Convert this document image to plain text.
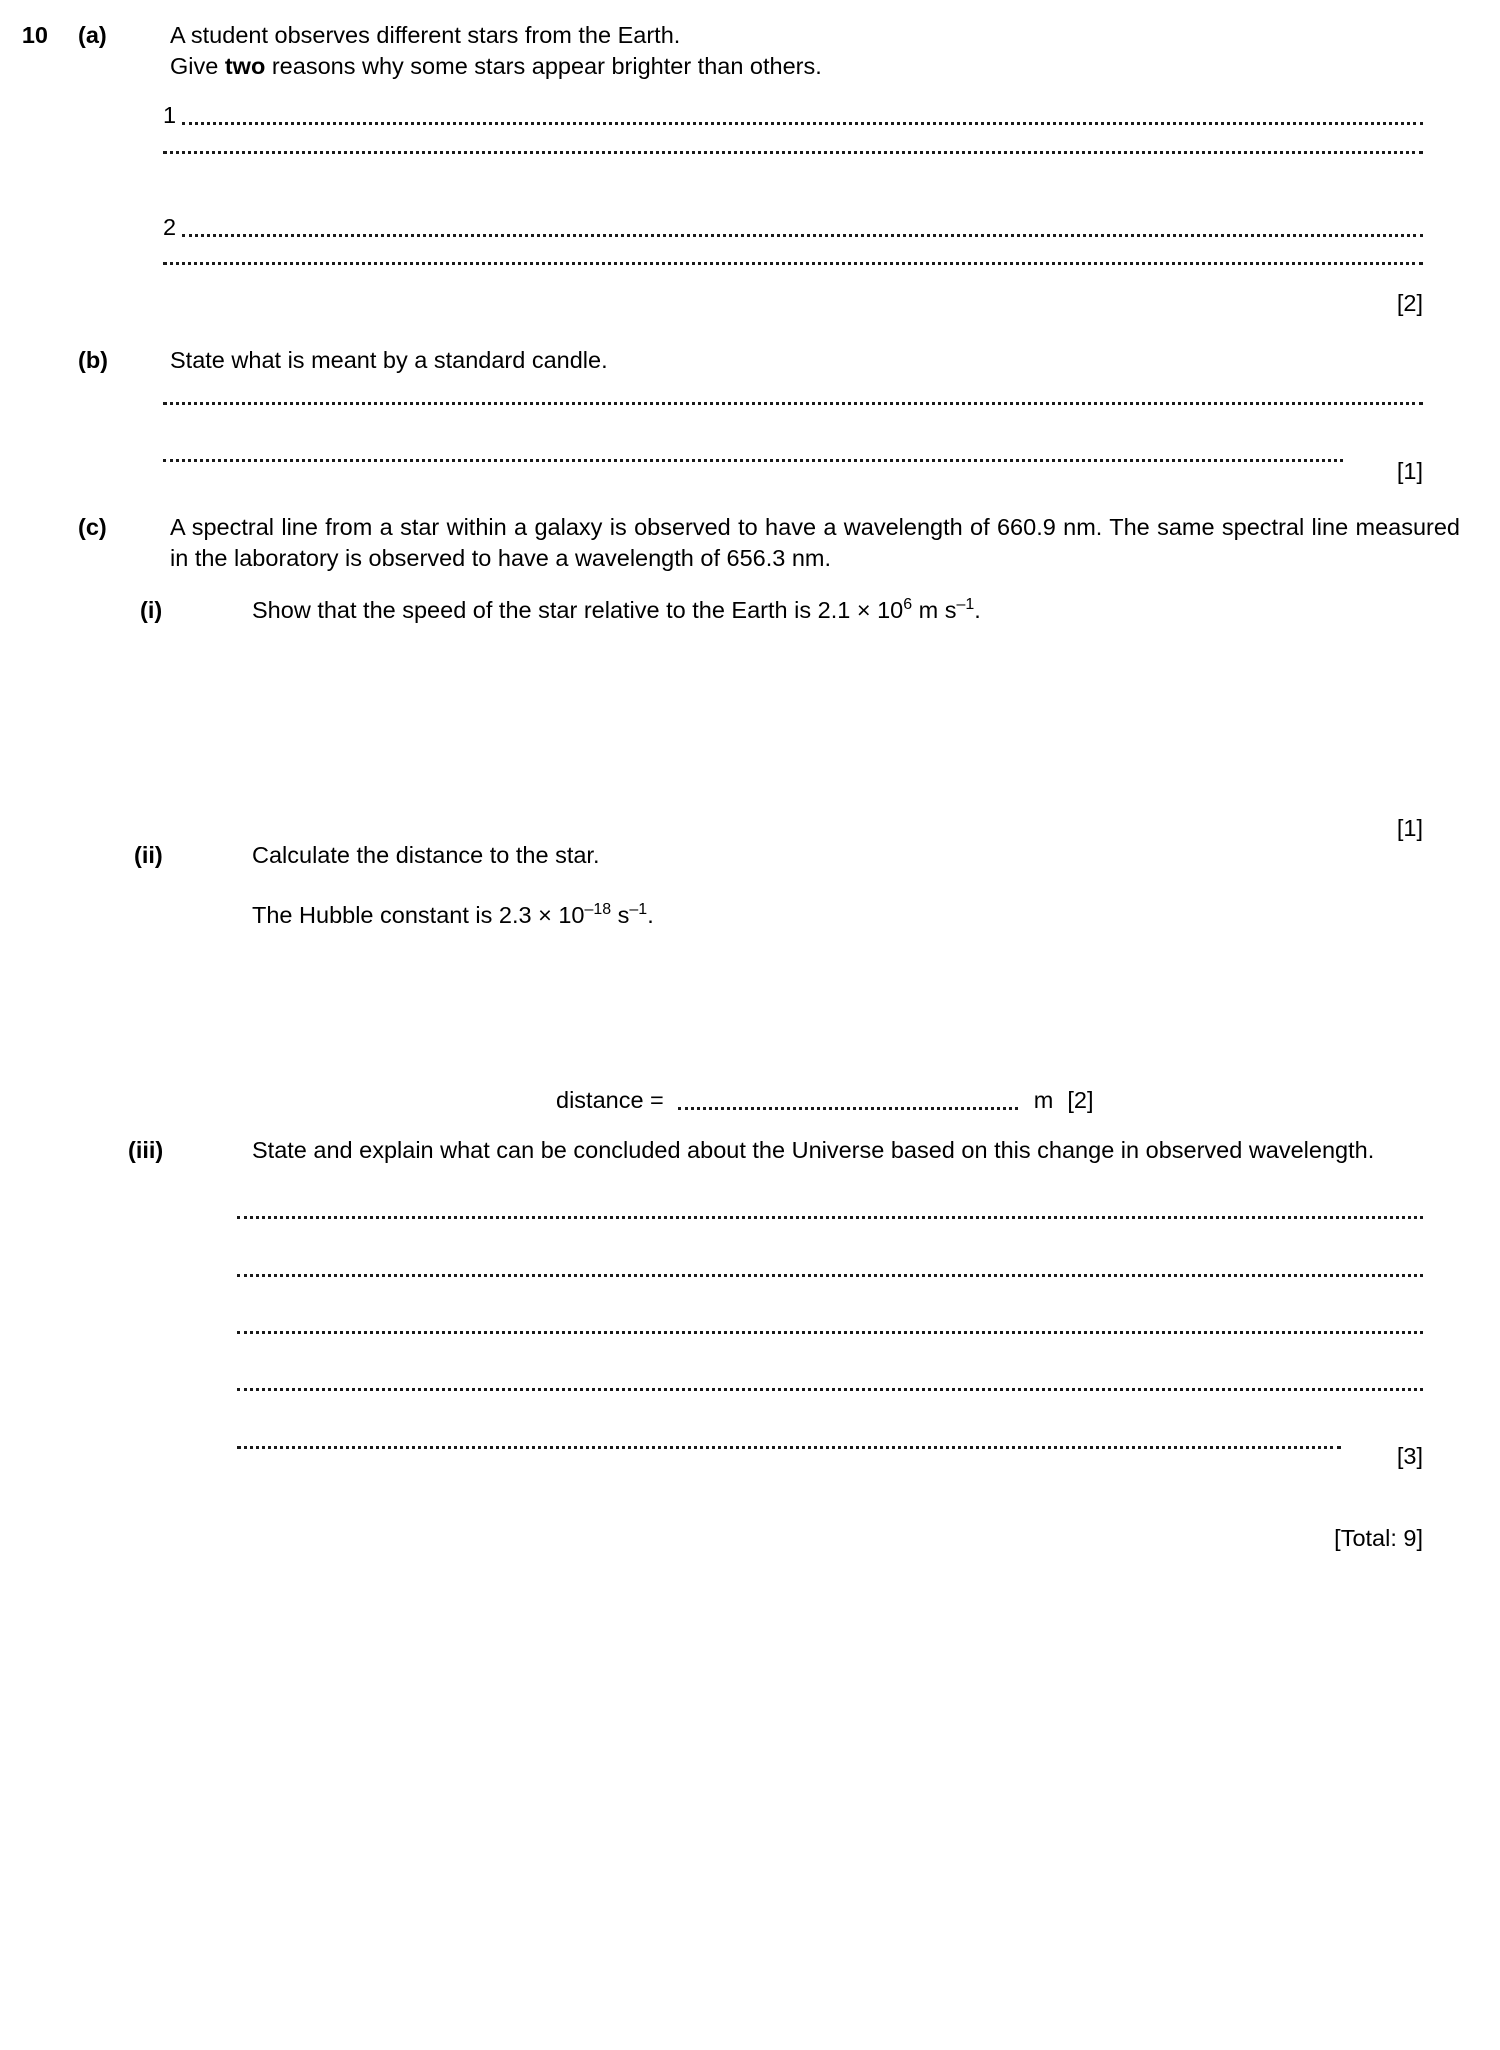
10	(a)	A student observes different stars from the Earth.
Give two reasons why some stars appear brighter than others.
1
2
[2]
(b)	State what is meant by a standard candle.
[1]
(c)	A spectral line from a star within a galaxy is observed to have a wavelength of 660.9 nm. The same spectral line measured in the laboratory is observed to have a wavelength of 656.3 nm.
(i)	Show that the speed of the star relative to the Earth is $2.1 \times 10^6$ m $s^{-1}$.
[1]
(ii)	Calculate the distance to the star.
The Hubble constant is $2.3 \times 10^{-18}$ $s^{-1}$.
distance =	m [2]
(iii)	State and explain what can be concluded about the Universe based on this change in observed wavelength.
[3]
[Total: 9]
